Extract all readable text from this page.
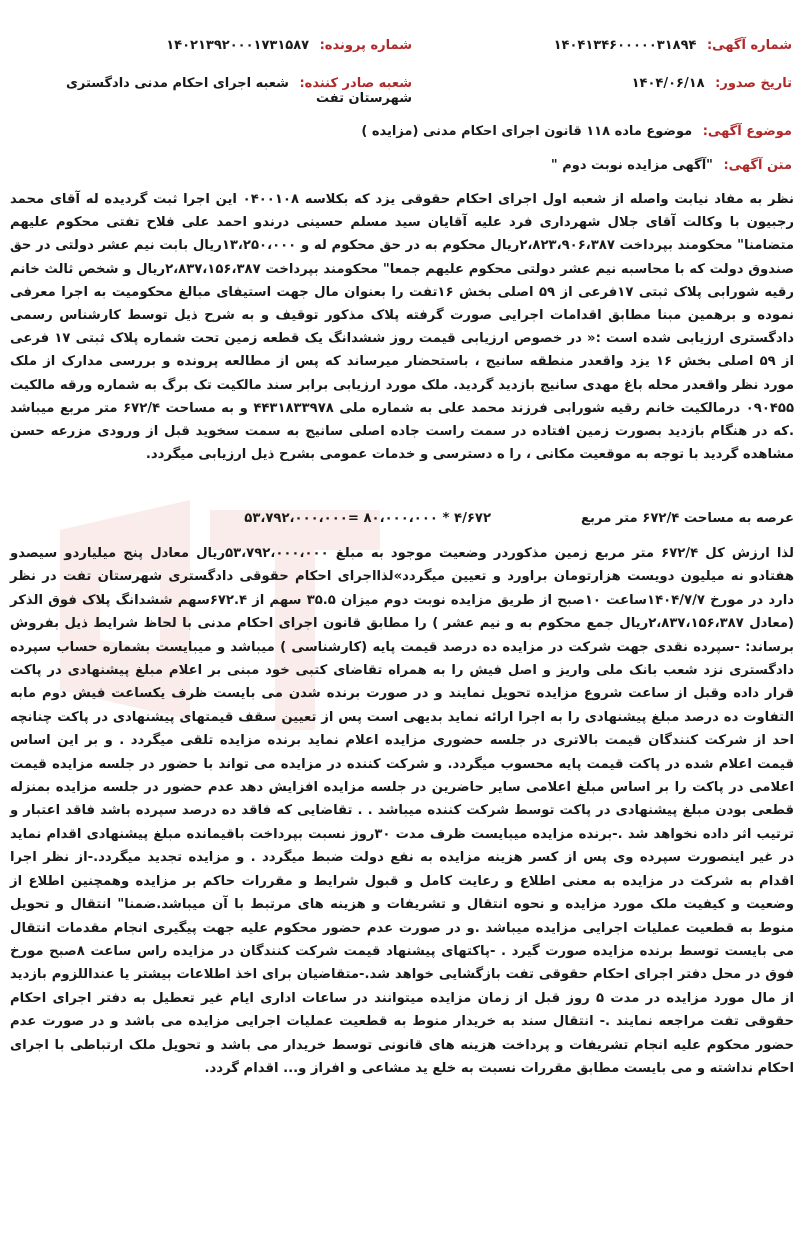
شماره آگهی: ۱۴۰۴۱۳۴۶۰۰۰۰۰۳۱۸۹۴
شماره پرونده: ۱۴۰۲۱۳۹۲۰۰۰۱۷۳۱۵۸۷
تاریخ صدور: ۱۴۰۴/۰۶/۱۸
شعبه صادر کننده: شعبه اجرای احکام مدنی دادگستری شهرستان تفت
موضوع آگهی: موضوع ماده ۱۱۸ قانون اجرای احکام مدنی (مزایده )
متن آگهی: "آگهی مزایده نوبت دوم "
نظر به مفاد نیابت واصله از شعبه اول اجرای احکام حقوقی یزد که بکلاسه ۰۴۰۰۱۰۸ این اجرا ثبت گردیده له آقای محمد رجبیون با وکالت آقای جلال شهرداری فرد علیه آقایان سید مسلم حسینی درندو احمد علی فلاح تفتی محکوم علیهم متضامنا" محکومند بپرداخت ۲،۸۲۳،۹۰۶،۳۸۷ریال محکوم به در حق محکوم له و ۱۳،۲۵۰،۰۰۰ریال بابت نیم عشر دولتی در حق صندوق دولت که با محاسبه نیم عشر دولتی محکوم علیهم جمعا" محکومند بپرداخت ۲،۸۳۷،۱۵۶،۳۸۷ریال و شخص ثالث خانم رقیه شورابی پلاک ثبتی ۱۷فرعی از ۵۹ اصلی بخش ۱۶تفت را بعنوان مال جهت استیفای مبالغ محکومیت به اجرا معرفی نموده و برهمین مبنا مطابق اقدامات اجرایی صورت گرفته پلاک مذکور توقیف و به شرح ذیل توسط کارشناس رسمی دادگستری ارزیابی شده است :« در خصوص ارزیابی قیمت روز ششدانگ یک قطعه زمین تحت شماره پلاک ثبتی ۱۷ فرعی از ۵۹ اصلی بخش ۱۶ یزد واقعدر منطقه سانیج ، باستحضار میرساند که پس از مطالعه پرونده و بررسی مدارک از ملک مورد نظر واقعدر محله باغ مهدی سانیج بازدید گردید. ملک مورد ارزیابی برابر سند مالکیت تک برگ به شماره ورقه مالکیت ۰۹۰۴۵۵ درمالکیت خانم رقیه شورابی فرزند محمد علی به شماره ملی ۴۴۳۱۸۳۳۹۷۸ و به مساحت ۶۷۲/۴ متر مربع میباشد .که در هنگام بازدید بصورت زمین افتاده در سمت راست جاده اصلی سانیج به سمت سخوید قبل از ورودی مزرعه حسن مشاهده گردید با توجه به موقعیت مکانی ، را ه دسترسی و خدمات عمومی بشرح ذیل ارزیابی میگردد.
عرصه به مساحت ۶۷۲/۴ متر مربع
۴/۶۷۲ * ۸۰،۰۰۰،۰۰۰ =۵۳،۷۹۲،۰۰۰،۰۰۰
لذا ارزش کل ۶۷۲/۴ متر مربع زمین مذکوردر وضعیت موجود به مبلغ ۵۳،۷۹۲،۰۰۰،۰۰۰ریال معادل پنج میلیاردو سیصدو هفتادو نه میلیون دویست هزارتومان براورد و تعیین میگردد»لذااجرای احکام حقوقی دادگستری شهرستان تفت در نظر دارد در مورخ ۱۴۰۴/۷/۷ساعت ۱۰صبح از طریق مزایده نوبت دوم میزان ۳۵.۵ سهم از ۶۷۲.۴سهم ششدانگ پلاک فوق الذکر (معادل ۲،۸۳۷،۱۵۶،۳۸۷ریال جمع محکوم به و نیم عشر ) را مطابق قانون اجرای احکام مدنی با لحاظ شرایط ذیل بفروش برساند: -سپرده نقدی جهت شرکت در مزایده ده درصد قیمت پایه (کارشناسی ) میباشد و میبایست بشماره حساب سپرده دادگستری نزد شعب بانک ملی واریز و اصل فیش را به همراه تقاضای کتبی خود مبنی بر اعلام مبلغ پیشنهادی در پاکت قرار داده وقبل از ساعت شروع مزایده تحویل نمایند و در صورت برنده شدن می بایست ظرف یکساعت فیش دوم مابه التفاوت ده درصد مبلغ پیشنهادی را به اجرا ارائه نماید بدیهی است پس از تعیین سقف قیمتهای پیشنهادی در پاکت چنانچه احد از شرکت کنندگان قیمت بالاتری در جلسه حضوری مزایده اعلام نماید برنده مزایده تلقی میگردد . و بر این اساس قیمت اعلام شده در پاکت قیمت پایه محسوب میگردد. و شرکت کننده در مزایده می تواند با حضور در جلسه مزایده قیمت اعلامی در پاکت را بر اساس مبلغ اعلامی سایر حاضرین در جلسه مزایده افزایش دهد عدم حضور در جلسه مزایده بمنزله قطعی بودن مبلغ پیشنهادی در پاکت توسط شرکت کننده میباشد . . تقاضایی که فاقد ده درصد سپرده باشد فاقد اعتبار و ترتیب اثر داده نخواهد شد .-برنده مزایده میبایست ظرف مدت ۳۰روز نسبت بپرداخت باقیمانده مبلغ پیشنهادی اقدام نماید در غیر اینصورت سپرده وی پس از کسر هزینه مزایده به نفع دولت ضبط میگردد . و مزایده تجدید میگردد.-از نظر اجرا اقدام به شرکت در مزایده به معنی اطلاع و رعایت کامل و قبول شرایط و مقررات حاکم بر مزایده وهمچنین اطلاع از وضعیت و کیفیت ملک مورد مزایده و نحوه انتقال و تشریفات و هزینه های مرتبط با آن میباشد.ضمنا" انتقال و تحویل منوط به قطعیت عملیات اجرایی مزایده میباشد .و در صورت عدم حضور محکوم علیه جهت پیگیری انجام مقدمات انتقال می بایست توسط برنده مزایده صورت گیرد . -پاکتهای پیشنهاد قیمت شرکت کنندگان در مزایده راس ساعت ۸صبح مورخ فوق در محل دفتر اجرای احکام حقوقی تفت بازگشایی خواهد شد.-متقاضیان برای اخذ اطلاعات بیشتر یا عنداللزوم بازدید از مال مورد مزایده در مدت ۵ روز قبل از زمان مزایده میتوانند در ساعات اداری ایام غیر تعطیل به دفتر اجرای احکام حقوقی تفت مراجعه نمایند .- انتقال سند به خریدار منوط به قطعیت عملیات اجرایی مزایده می باشد و در صورت عدم حضور محکوم علیه انجام تشریفات و پرداخت هزینه های قانونی توسط خریدار می باشد و تحویل ملک ارتباطی با اجرای احکام نداشته و می بایست مطابق مقررات نسبت به خلع ید مشاعی و افراز و... اقدام گردد.
